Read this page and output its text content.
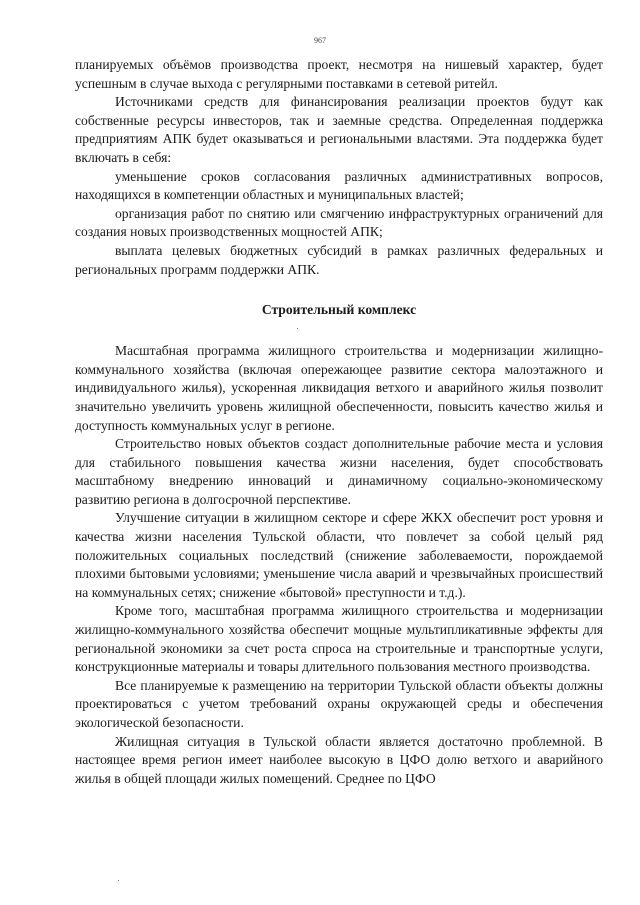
967

планируемых объёмов производства проект, несмотря на нишевый характер, будет успешным в случае выхода с регулярными поставками в сетевой ритейл.

Источниками средств для финансирования реализации проектов будут как собственные ресурсы инвесторов, так и заемные средства. Определенная поддержка предприятиям АПК будет оказываться и региональными властями. Эта поддержка будет включать в себя:

уменьшение сроков согласования различных административных вопросов, находящихся в компетенции областных и муниципальных властей;

организация работ по снятию или смягчению инфраструктурных ограничений для создания новых производственных мощностей АПК;

выплата целевых бюджетных субсидий в рамках различных федеральных и региональных программ поддержки АПК.

Строительный комплекс

Масштабная программа жилищного строительства и модернизации жилищно-коммунального хозяйства (включая опережающее развитие сектора малоэтажного и индивидуального жилья), ускоренная ликвидация ветхого и аварийного жилья позволит значительно увеличить уровень жилищной обеспеченности, повысить качество жилья и доступность коммунальных услуг в регионе.

Строительство новых объектов создаст дополнительные рабочие места и условия для стабильного повышения качества жизни населения, будет способствовать масштабному внедрению инноваций и динамичному социально-экономическому развитию региона в долгосрочной перспективе.

Улучшение ситуации в жилищном секторе и сфере ЖКХ обеспечит рост уровня и качества жизни населения Тульской области, что повлечет за собой целый ряд положительных социальных последствий (снижение заболеваемости, порождаемой плохими бытовыми условиями; уменьшение числа аварий и чрезвычайных происшествий на коммунальных сетях; снижение «бытовой» преступности и т.д.).

Кроме того, масштабная программа жилищного строительства и модернизации жилищно-коммунального хозяйства обеспечит мощные мультипликативные эффекты для региональной экономики за счет роста спроса на строительные и транспортные услуги, конструкционные материалы и товары длительного пользования местного производства.

Все планируемые к размещению на территории Тульской области объекты должны проектироваться с учетом требований охраны окружающей среды и обеспечения экологической безопасности.

Жилищная ситуация в Тульской области является достаточно проблемной. В настоящее время регион имеет наиболее высокую в ЦФО долю ветхого и аварийного жилья в общей площади жилых помещений. Среднее по ЦФО
